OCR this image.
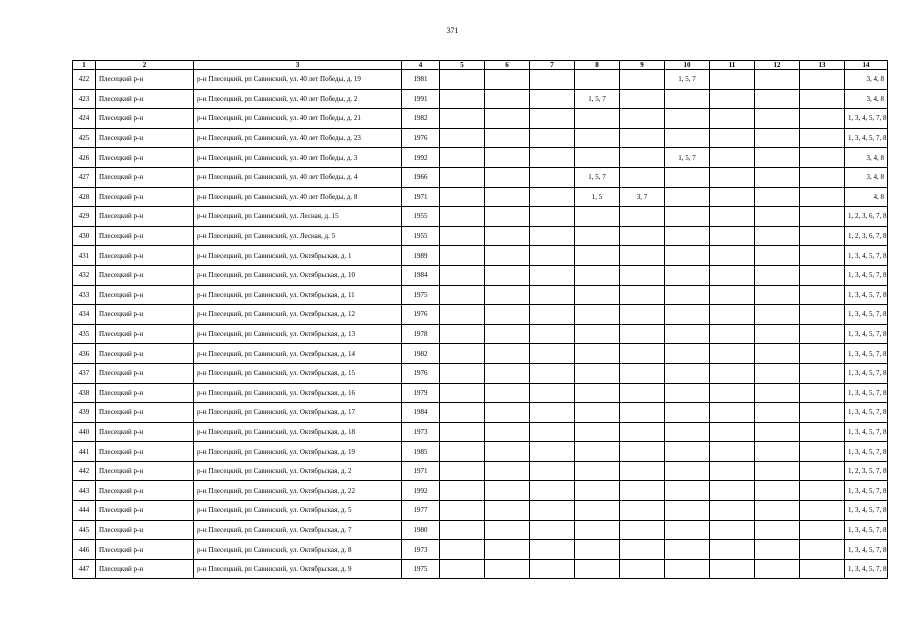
371
1	2	3	4	5	6	7	8	9	10	11	12	13	14
422	Плесецкий р-н	р-н Плесецкий, рп Савинский, ул. 40 лет Победы, д. 19	1981						1, 5, 7				3, 4, 8
423	Плесецкий р-н	р-н Плесецкий, рп Савинский, ул. 40 лет Победы, д. 2	1991				1, 5, 7						3, 4, 8
424	Плесецкий р-н	р-н Плесецкий, рп Савинский, ул. 40 лет Победы, д. 21	1982										1, 3, 4, 5, 7, 8
425	Плесецкий р-н	р-н Плесецкий, рп Савинский, ул. 40 лет Победы, д. 23	1976										1, 3, 4, 5, 7, 8
426	Плесецкий р-н	р-н Плесецкий, рп Савинский, ул. 40 лет Победы, д. 3	1992						1, 5, 7				3, 4, 8
427	Плесецкий р-н	р-н Плесецкий, рп Савинский, ул. 40 лет Победы, д. 4	1966				1, 5, 7						3, 4, 8
428	Плесецкий р-н	р-н Плесецкий, рп Савинский, ул. 40 лет Победы, д. 8	1971				1, 5	3, 7					4, 8
429	Плесецкий р-н	р-н Плесецкий, рп Савинский, ул. Лесная, д. 15	1955										1, 2, 3, 6, 7, 8
430	Плесецкий р-н	р-н Плесецкий, рп Савинский, ул. Лесная, д. 5	1955										1, 2, 3, 6, 7, 8
431	Плесецкий р-н	р-н Плесецкий, рп Савинский, ул. Октябрьская, д. 1	1989										1, 3, 4, 5, 7, 8
432	Плесецкий р-н	р-н Плесецкий, рп Савинский, ул. Октябрьская, д. 10	1984										1, 3, 4, 5, 7, 8
433	Плесецкий р-н	р-н Плесецкий, рп Савинский, ул. Октябрьская, д. 11	1975										1, 3, 4, 5, 7, 8
434	Плесецкий р-н	р-н Плесецкий, рп Савинский, ул. Октябрьская, д. 12	1976										1, 3, 4, 5, 7, 8
435	Плесецкий р-н	р-н Плесецкий, рп Савинский, ул. Октябрьская, д. 13	1978										1, 3, 4, 5, 7, 8
436	Плесецкий р-н	р-н Плесецкий, рп Савинский, ул. Октябрьская, д. 14	1982										1, 3, 4, 5, 7, 8
437	Плесецкий р-н	р-н Плесецкий, рп Савинский, ул. Октябрьская, д. 15	1976										1, 3, 4, 5, 7, 8
438	Плесецкий р-н	р-н Плесецкий, рп Савинский, ул. Октябрьская, д. 16	1979										1, 3, 4, 5, 7, 8
439	Плесецкий р-н	р-н Плесецкий, рп Савинский, ул. Октябрьская, д. 17	1984										1, 3, 4, 5, 7, 8
440	Плесецкий р-н	р-н Плесецкий, рп Савинский, ул. Октябрьская, д. 18	1973										1, 3, 4, 5, 7, 8
441	Плесецкий р-н	р-н Плесецкий, рп Савинский, ул. Октябрьская, д. 19	1985										1, 3, 4, 5, 7, 8
442	Плесецкий р-н	р-н Плесецкий, рп Савинский, ул. Октябрьская, д. 2	1971										1, 2, 3, 5, 7, 8
443	Плесецкий р-н	р-н Плесецкий, рп Савинский, ул. Октябрьская, д. 22	1992										1, 3, 4, 5, 7, 8
444	Плесецкий р-н	р-н Плесецкий, рп Савинский, ул. Октябрьская, д. 5	1977										1, 3, 4, 5, 7, 8
445	Плесецкий р-н	р-н Плесецкий, рп Савинский, ул. Октябрьская, д. 7	1980										1, 3, 4, 5, 7, 8
446	Плесецкий р-н	р-н Плесецкий, рп Савинский, ул. Октябрьская, д. 8	1973										1, 3, 4, 5, 7, 8
447	Плесецкий р-н	р-н Плесецкий, рп Савинский, ул. Октябрьская, д. 9	1975										1, 3, 4, 5, 7, 8
